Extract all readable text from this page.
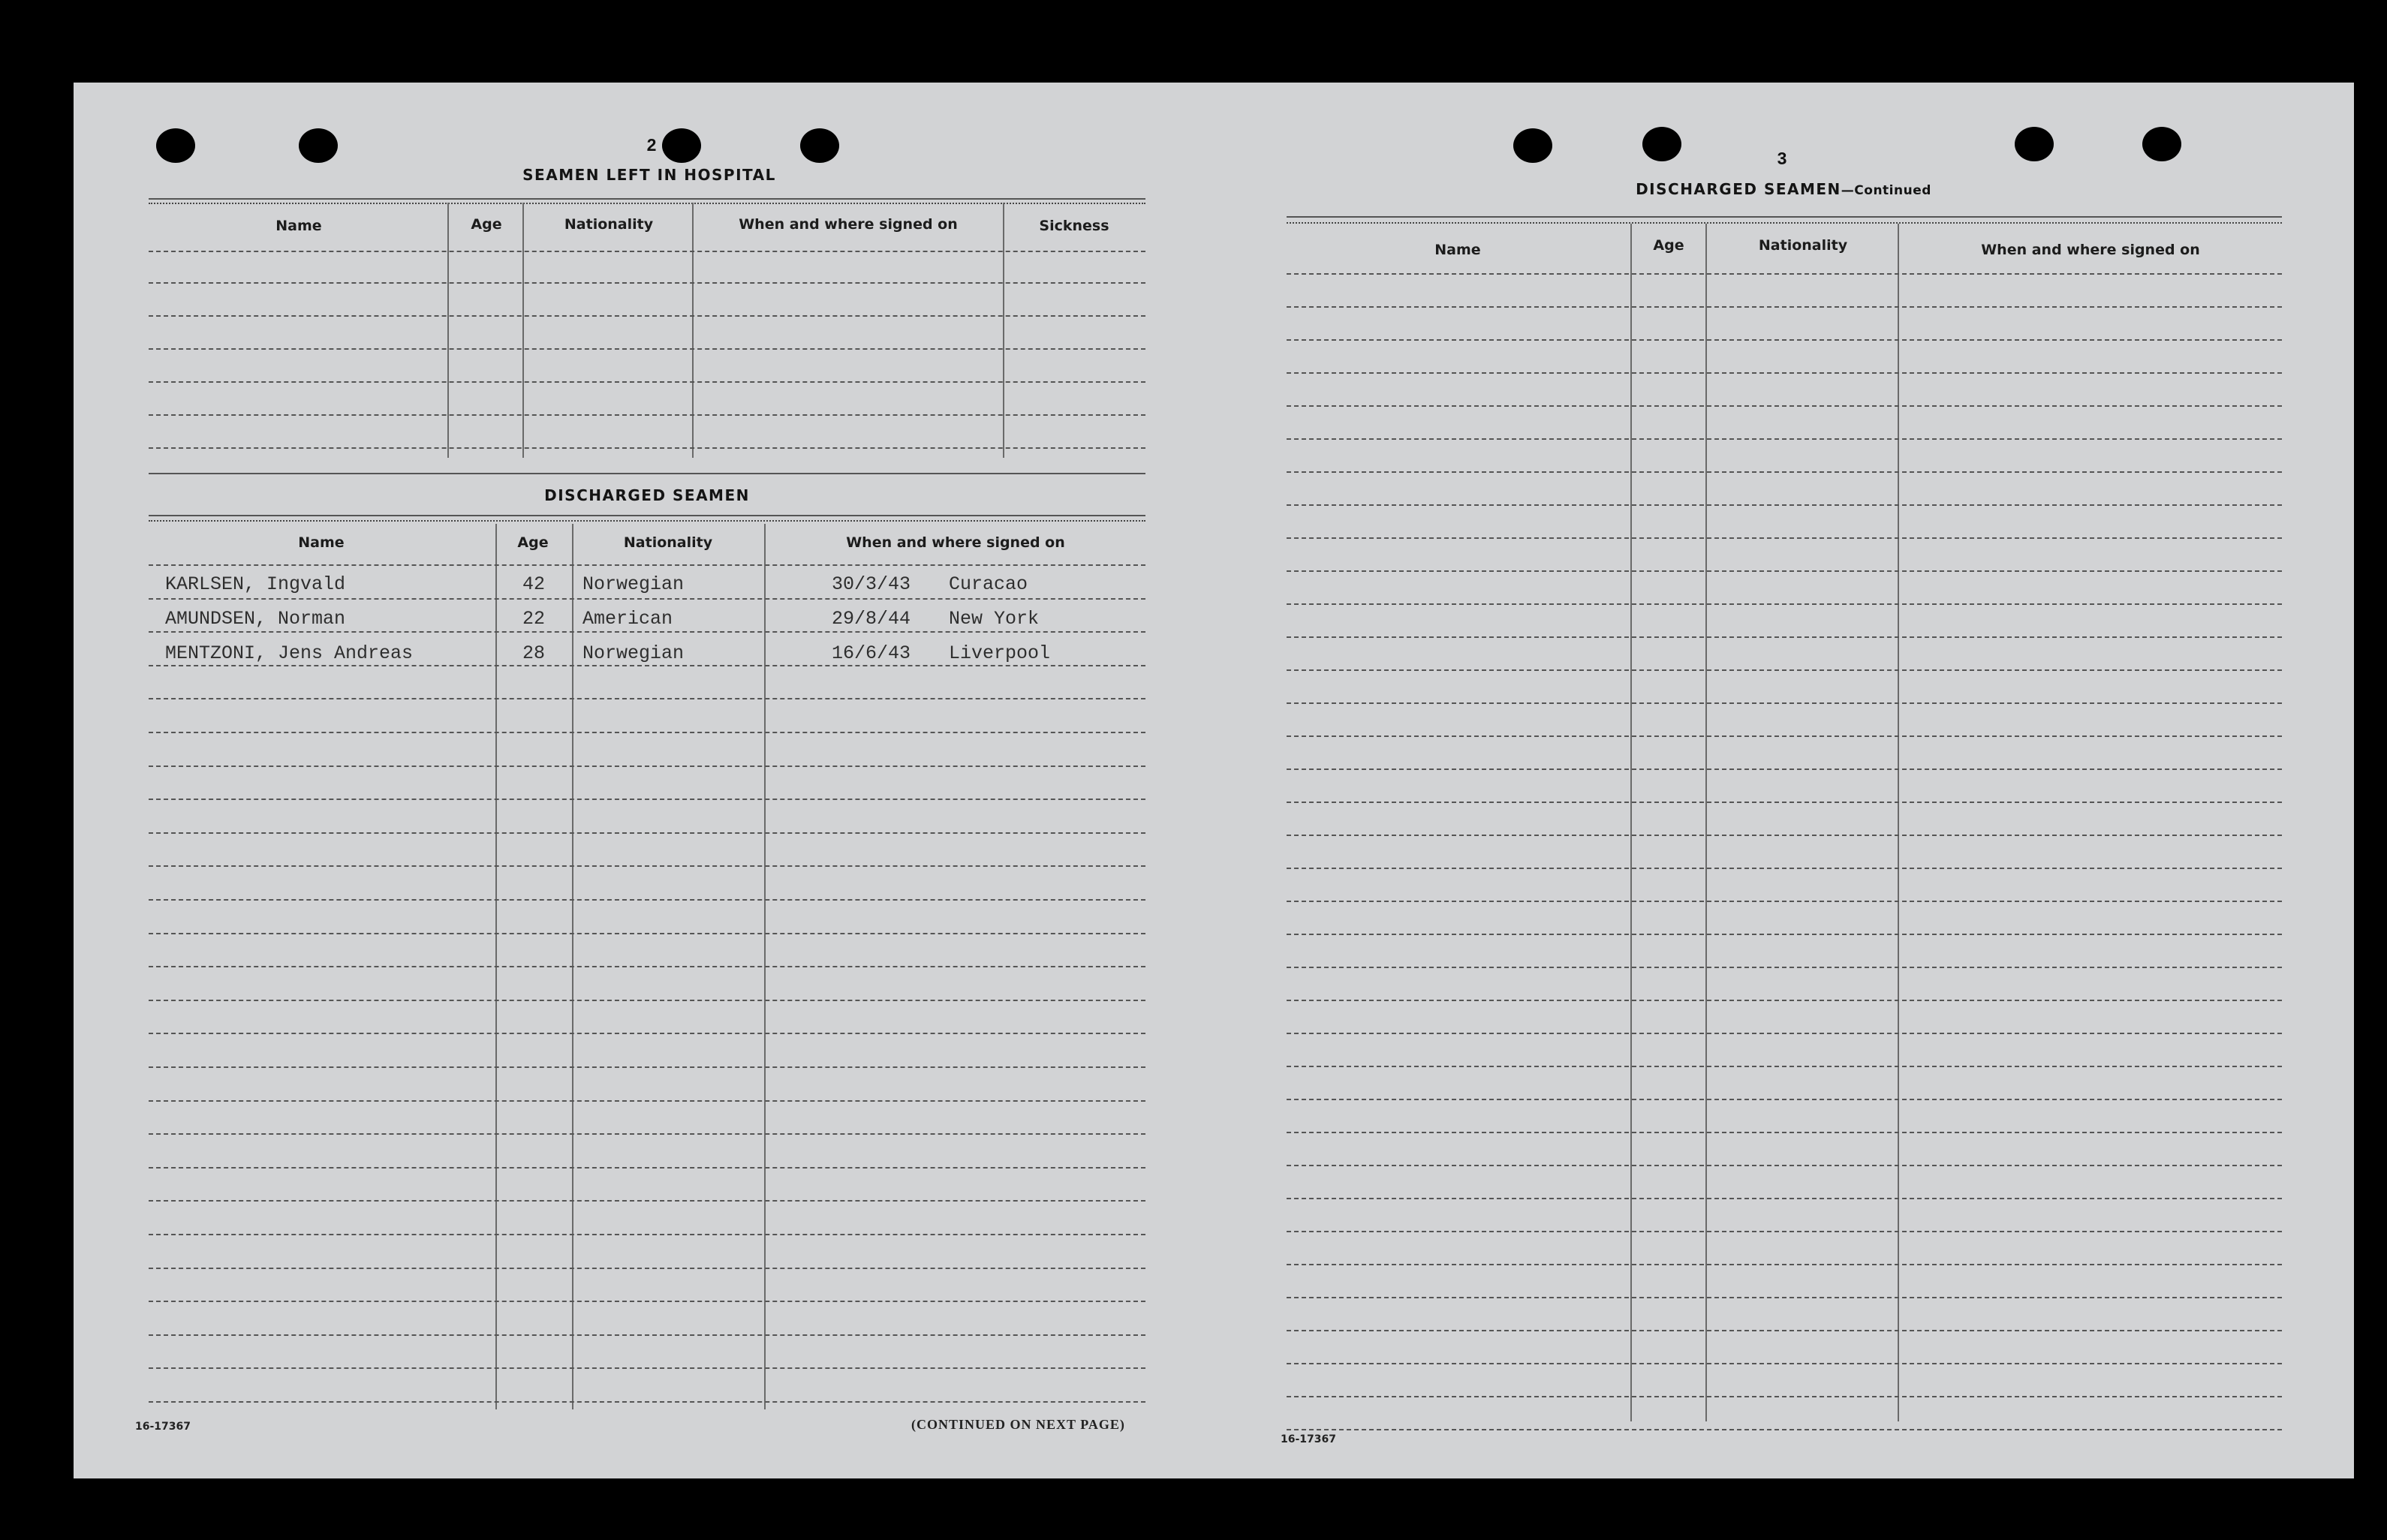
2
SEAMEN LEFT IN HOSPITAL
Name	Age	Nationality	When and where signed on	Sickness
DISCHARGED SEAMEN
Name	Age	Nationality	When and where signed on
KARLSEN, Ingvald	42 Norwegian	30/3/43 Curacao
AMUNDSEN, Norman	22 American	29/8/44 New York
MENTZONI, Jens Andreas	28 Norwegian	16/6/43 Liverpool
16-17367	(CONTINUED ON NEXT PAGE)
3
DISCHARGED SEAMEN—Continued
Name	Age	Nationality	When and where signed on
16-17367
